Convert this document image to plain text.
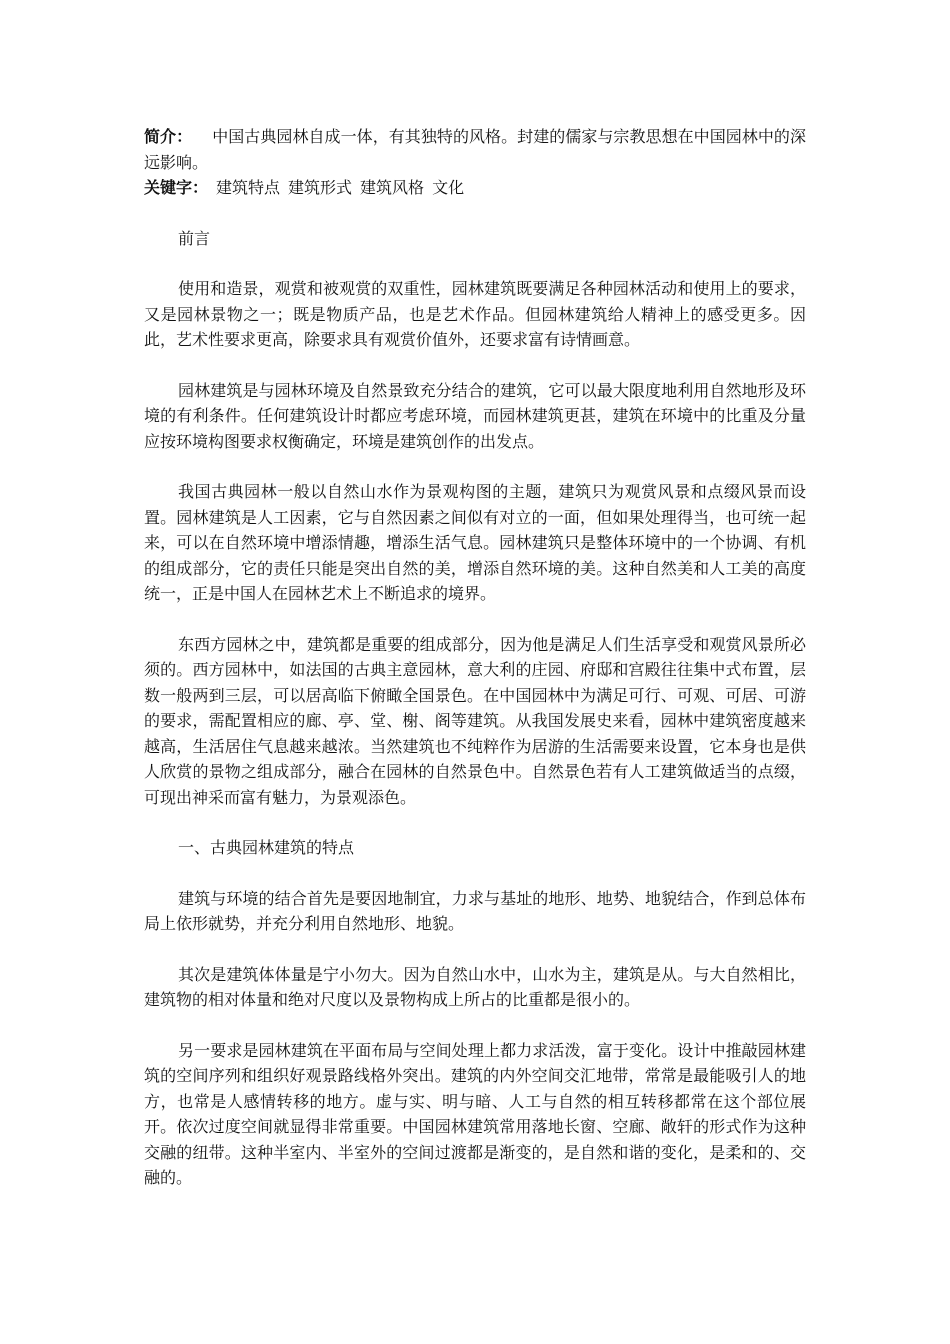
简介： 中国古典园林自成一体，有其独特的风格。封建的儒家与宗教思想在中国园林中的深远影响。

关键字： 建筑特点 建筑形式 建筑风格 文化

前言

使用和造景，观赏和被观赏的双重性，园林建筑既要满足各种园林活动和使用上的要求，又是园林景物之一；既是物质产品，也是艺术作品。但园林建筑给人精神上的感受更多。因此，艺术性要求更高，除要求具有观赏价值外，还要求富有诗情画意。

园林建筑是与园林环境及自然景致充分结合的建筑，它可以最大限度地利用自然地形及环境的有利条件。任何建筑设计时都应考虑环境，而园林建筑更甚，建筑在环境中的比重及分量应按环境构图要求权衡确定，环境是建筑创作的出发点。

我国古典园林一般以自然山水作为景观构图的主题，建筑只为观赏风景和点缀风景而设置。园林建筑是人工因素，它与自然因素之间似有对立的一面，但如果处理得当，也可统一起来，可以在自然环境中增添情趣，增添生活气息。园林建筑只是整体环境中的一个协调、有机的组成部分，它的责任只能是突出自然的美，增添自然环境的美。这种自然美和人工美的高度统一，正是中国人在园林艺术上不断追求的境界。

东西方园林之中，建筑都是重要的组成部分，因为他是满足人们生活享受和观赏风景所必须的。西方园林中，如法国的古典主意园林，意大利的庄园、府邸和宫殿往往集中式布置，层数一般两到三层，可以居高临下俯瞰全国景色。在中国园林中为满足可行、可观、可居、可游的要求，需配置相应的廊、亭、堂、榭、阁等建筑。从我国发展史来看，园林中建筑密度越来越高，生活居住气息越来越浓。当然建筑也不纯粹作为居游的生活需要来设置，它本身也是供人欣赏的景物之组成部分，融合在园林的自然景色中。自然景色若有人工建筑做适当的点缀，可现出神采而富有魅力，为景观添色。

一、古典园林建筑的特点

建筑与环境的结合首先是要因地制宜，力求与基址的地形、地势、地貌结合，作到总体布局上依形就势，并充分利用自然地形、地貌。

其次是建筑体体量是宁小勿大。因为自然山水中，山水为主，建筑是从。与大自然相比，建筑物的相对体量和绝对尺度以及景物构成上所占的比重都是很小的。

另一要求是园林建筑在平面布局与空间处理上都力求活泼，富于变化。设计中推敲园林建筑的空间序列和组织好观景路线格外突出。建筑的内外空间交汇地带，常常是最能吸引人的地方，也常是人感情转移的地方。虚与实、明与暗、人工与自然的相互转移都常在这个部位展开。依次过度空间就显得非常重要。中国园林建筑常用落地长窗、空廊、敞轩的形式作为这种交融的纽带。这种半室内、半室外的空间过渡都是渐变的，是自然和谐的变化，是柔和的、交融的。
